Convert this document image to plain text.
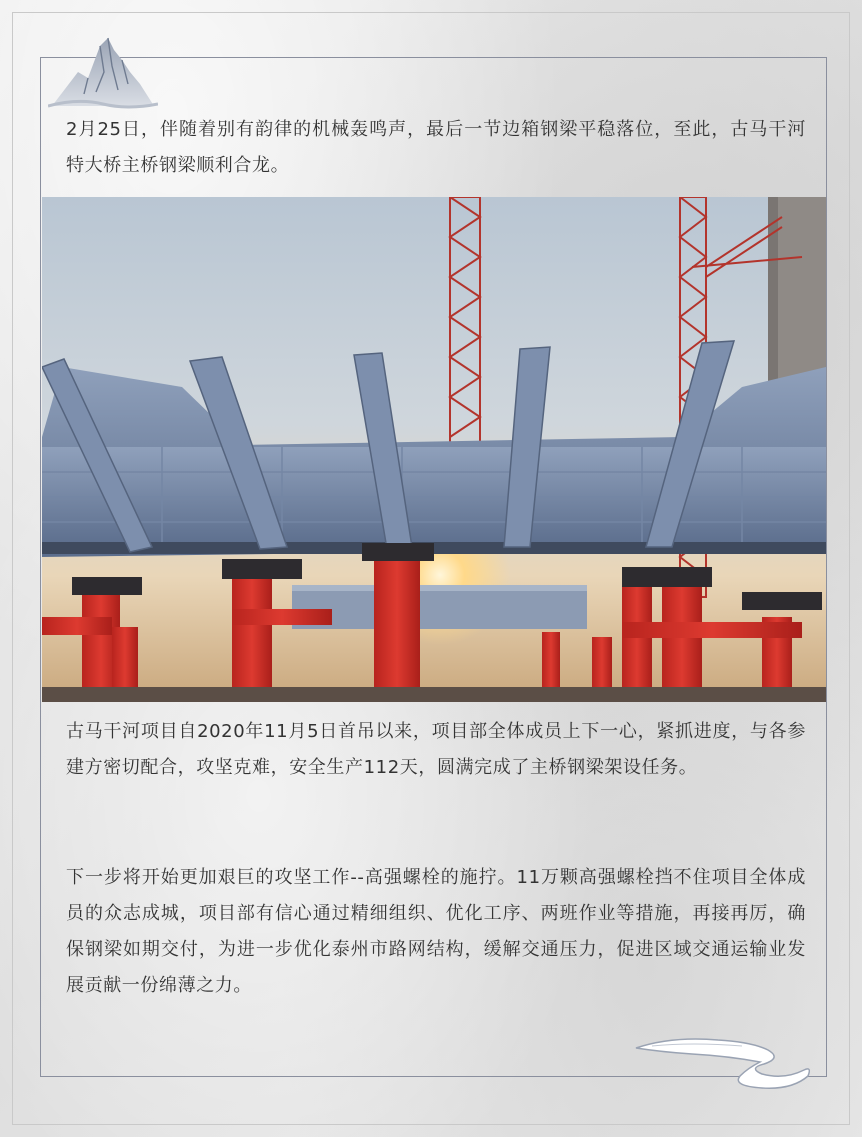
2月25日，伴随着别有韵律的机械轰鸣声，最后一节边箱钢梁平稳落位，至此，古马干河特大桥主桥钢梁顺利合龙。

古马干河项目自2020年11月5日首吊以来，项目部全体成员上下一心，紧抓进度，与各参建方密切配合，攻坚克难，安全生产112天，圆满完成了主桥钢梁架设任务。

下一步将开始更加艰巨的攻坚工作--高强螺栓的施拧。11万颗高强螺栓挡不住项目全体成员的众志成城，项目部有信心通过精细组织、优化工序、两班作业等措施，再接再厉，确保钢梁如期交付，为进一步优化泰州市路网结构，缓解交通压力，促进区域交通运输业发展贡献一份绵薄之力。
